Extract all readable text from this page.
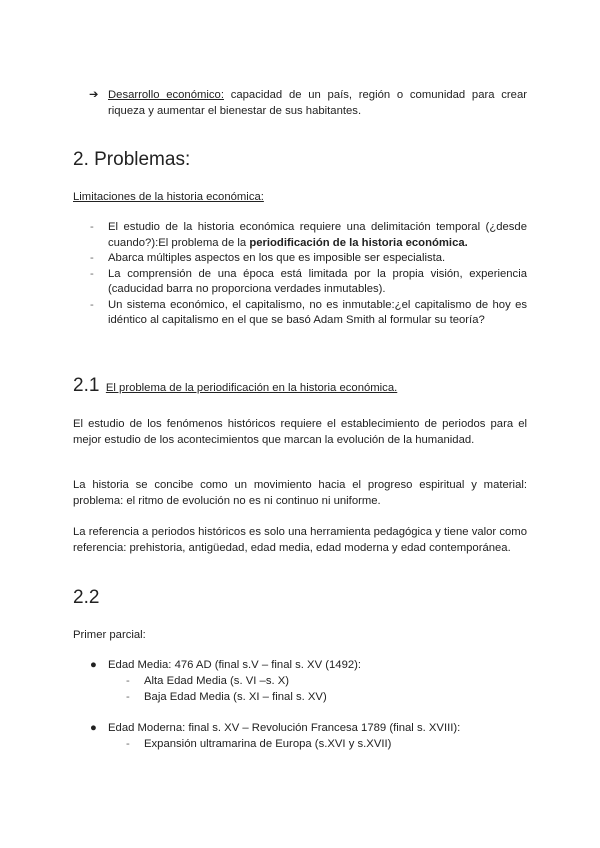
➔ Desarrollo económico: capacidad de un país, región o comunidad para crear riqueza y aumentar el bienestar de sus habitantes.
2. Problemas:

Limitaciones de la historia económica:

- El estudio de la historia económica requiere una delimitación temporal (¿desde cuando?):El problema de la periodificación de la historia económica.
- Abarca múltiples aspectos en los que es imposible ser especialista.
- La comprensión de una época está limitada por la propia visión, experiencia (caducidad barra no proporciona verdades inmutables).
- Un sistema económico, el capitalismo, no es inmutable:¿el capitalismo de hoy es idéntico al capitalismo en el que se basó Adam Smith al formular su teoría?
2.1 El problema de la periodificación en la historia económica.

El estudio de los fenómenos históricos requiere el establecimiento de periodos para el mejor estudio de los acontecimientos que marcan la evolución de la humanidad.

La historia se concibe como un movimiento hacia el progreso espiritual y material: problema: el ritmo de evolución no es ni continuo ni uniforme.

La referencia a periodos históricos es solo una herramienta pedagógica y tiene valor como referencia: prehistoria, antigüedad, edad media, edad moderna y edad contemporánea.

2.2

Primer parcial:

● Edad Media: 476 AD (final s.V – final s. XV (1492):
- Alta Edad Media (s. VI –s. X)
- Baja Edad Media (s. XI – final s. XV)
● Edad Moderna: final s. XV – Revolución Francesa 1789 (final s. XVIII):
- Expansión ultramarina de Europa (s.XVI y s.XVII)
